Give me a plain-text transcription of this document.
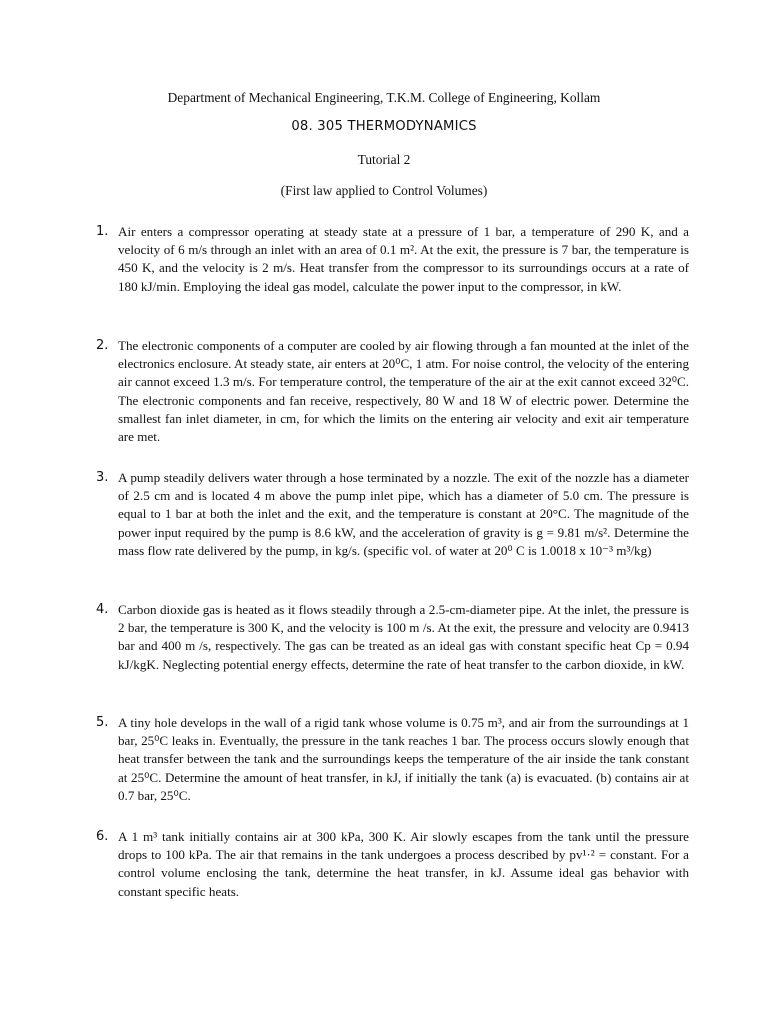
Department of Mechanical Engineering, T.K.M. College of Engineering, Kollam
08. 305 THERMODYNAMICS
Tutorial 2
(First law applied to Control Volumes)
1. Air enters a compressor operating at steady state at a pressure of 1 bar, a temperature of 290 K, and a velocity of 6 m/s through an inlet with an area of 0.1 m². At the exit, the pressure is 7 bar, the temperature is 450 K, and the velocity is 2 m/s. Heat transfer from the compressor to its surroundings occurs at a rate of 180 kJ/min. Employing the ideal gas model, calculate the power input to the compressor, in kW.
2. The electronic components of a computer are cooled by air flowing through a fan mounted at the inlet of the electronics enclosure. At steady state, air enters at 20⁰C, 1 atm. For noise control, the velocity of the entering air cannot exceed 1.3 m/s. For temperature control, the temperature of the air at the exit cannot exceed 32⁰C. The electronic components and fan receive, respectively, 80 W and 18 W of electric power. Determine the smallest fan inlet diameter, in cm, for which the limits on the entering air velocity and exit air temperature are met.
3. A pump steadily delivers water through a hose terminated by a nozzle. The exit of the nozzle has a diameter of 2.5 cm and is located 4 m above the pump inlet pipe, which has a diameter of 5.0 cm. The pressure is equal to 1 bar at both the inlet and the exit, and the temperature is constant at 20°C. The magnitude of the power input required by the pump is 8.6 kW, and the acceleration of gravity is g = 9.81 m/s². Determine the mass flow rate delivered by the pump, in kg/s. (specific vol. of water at 20⁰ C is 1.0018 x 10⁻³ m³/kg)
4. Carbon dioxide gas is heated as it flows steadily through a 2.5-cm-diameter pipe. At the inlet, the pressure is 2 bar, the temperature is 300 K, and the velocity is 100 m /s. At the exit, the pressure and velocity are 0.9413 bar and 400 m /s, respectively. The gas can be treated as an ideal gas with constant specific heat Cp = 0.94 kJ/kgK. Neglecting potential energy effects, determine the rate of heat transfer to the carbon dioxide, in kW.
5. A tiny hole develops in the wall of a rigid tank whose volume is 0.75 m³, and air from the surroundings at 1 bar, 25⁰C leaks in. Eventually, the pressure in the tank reaches 1 bar. The process occurs slowly enough that heat transfer between the tank and the surroundings keeps the temperature of the air inside the tank constant at 25⁰C. Determine the amount of heat transfer, in kJ, if initially the tank (a) is evacuated. (b) contains air at 0.7 bar, 25⁰C.
6. A 1 m³ tank initially contains air at 300 kPa, 300 K. Air slowly escapes from the tank until the pressure drops to 100 kPa. The air that remains in the tank undergoes a process described by pv¹·² = constant. For a control volume enclosing the tank, determine the heat transfer, in kJ. Assume ideal gas behavior with constant specific heats.
